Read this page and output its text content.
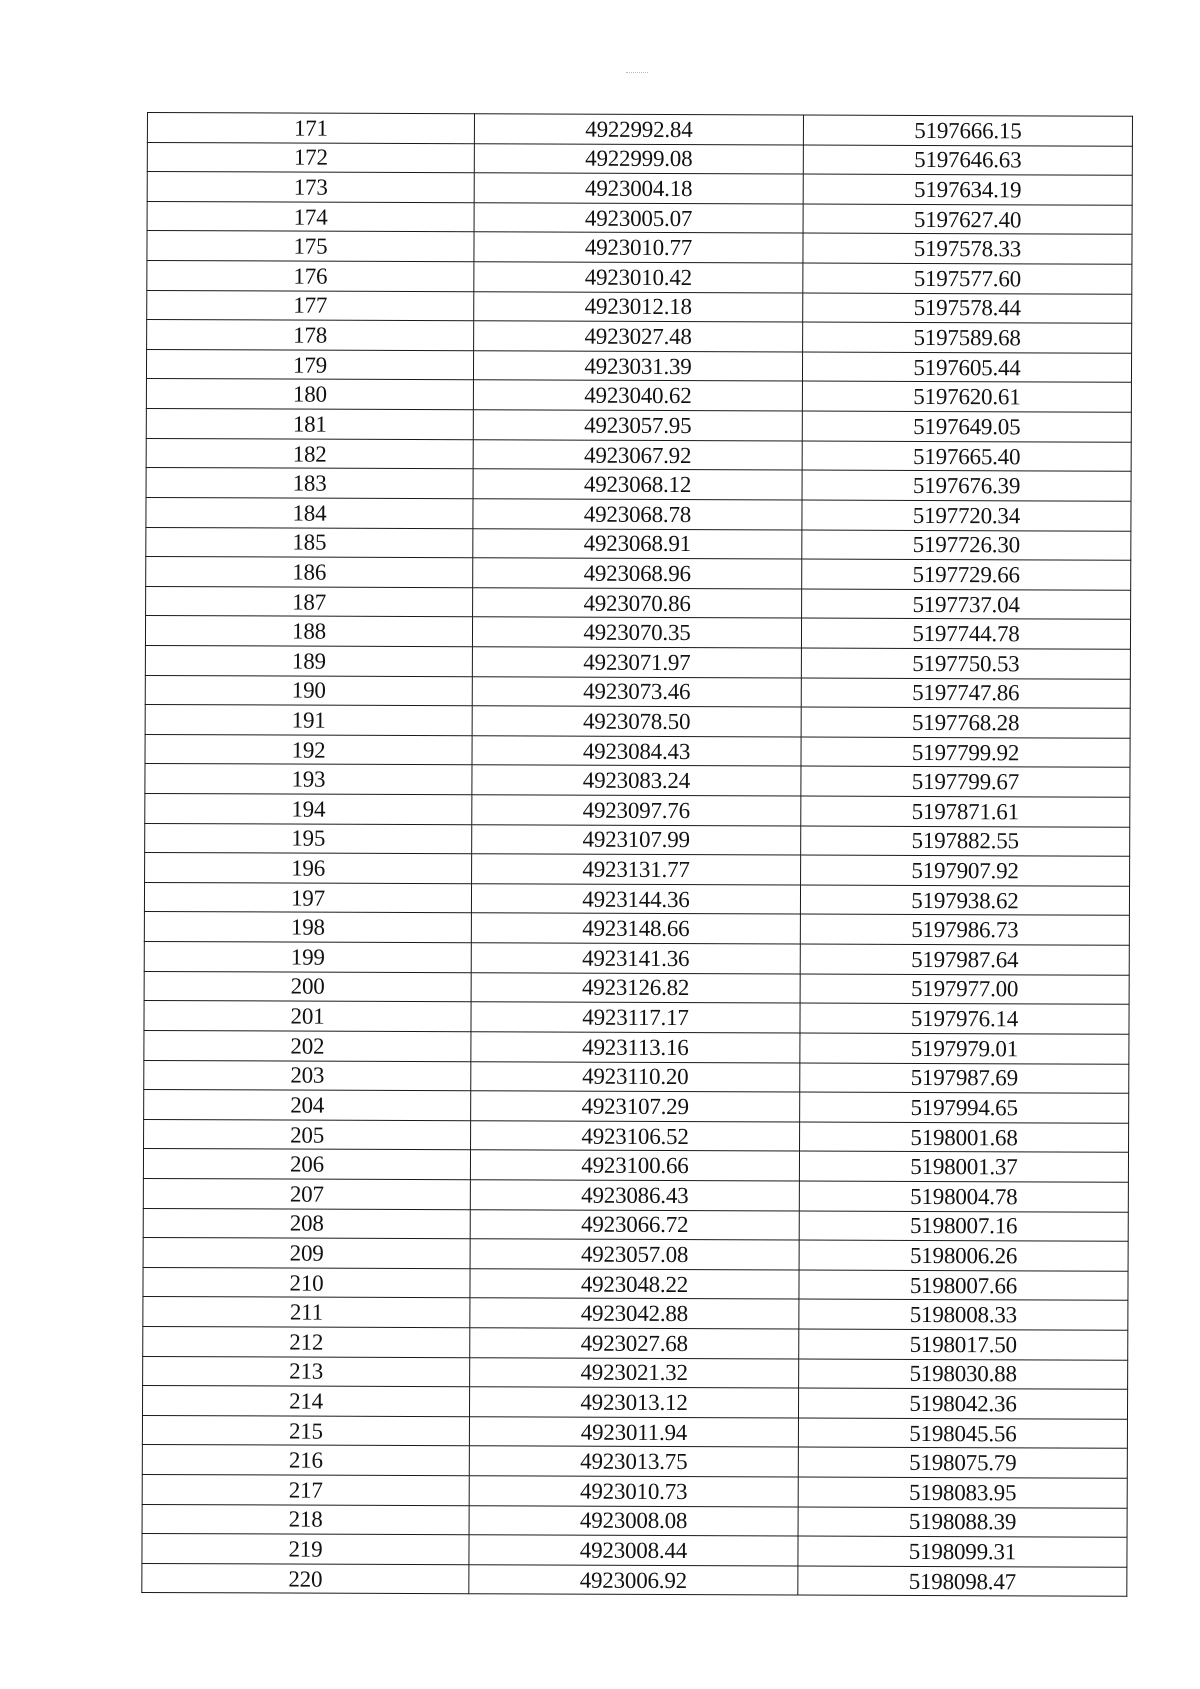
171	4922992.84	5197666.15
172	4922999.08	5197646.63
173	4923004.18	5197634.19
174	4923005.07	5197627.40
175	4923010.77	5197578.33
176	4923010.42	5197577.60
177	4923012.18	5197578.44
178	4923027.48	5197589.68
179	4923031.39	5197605.44
180	4923040.62	5197620.61
181	4923057.95	5197649.05
182	4923067.92	5197665.40
183	4923068.12	5197676.39
184	4923068.78	5197720.34
185	4923068.91	5197726.30
186	4923068.96	5197729.66
187	4923070.86	5197737.04
188	4923070.35	5197744.78
189	4923071.97	5197750.53
190	4923073.46	5197747.86
191	4923078.50	5197768.28
192	4923084.43	5197799.92
193	4923083.24	5197799.67
194	4923097.76	5197871.61
195	4923107.99	5197882.55
196	4923131.77	5197907.92
197	4923144.36	5197938.62
198	4923148.66	5197986.73
199	4923141.36	5197987.64
200	4923126.82	5197977.00
201	4923117.17	5197976.14
202	4923113.16	5197979.01
203	4923110.20	5197987.69
204	4923107.29	5197994.65
205	4923106.52	5198001.68
206	4923100.66	5198001.37
207	4923086.43	5198004.78
208	4923066.72	5198007.16
209	4923057.08	5198006.26
210	4923048.22	5198007.66
211	4923042.88	5198008.33
212	4923027.68	5198017.50
213	4923021.32	5198030.88
214	4923013.12	5198042.36
215	4923011.94	5198045.56
216	4923013.75	5198075.79
217	4923010.73	5198083.95
218	4923008.08	5198088.39
219	4923008.44	5198099.31
220	4923006.92	5198098.47
